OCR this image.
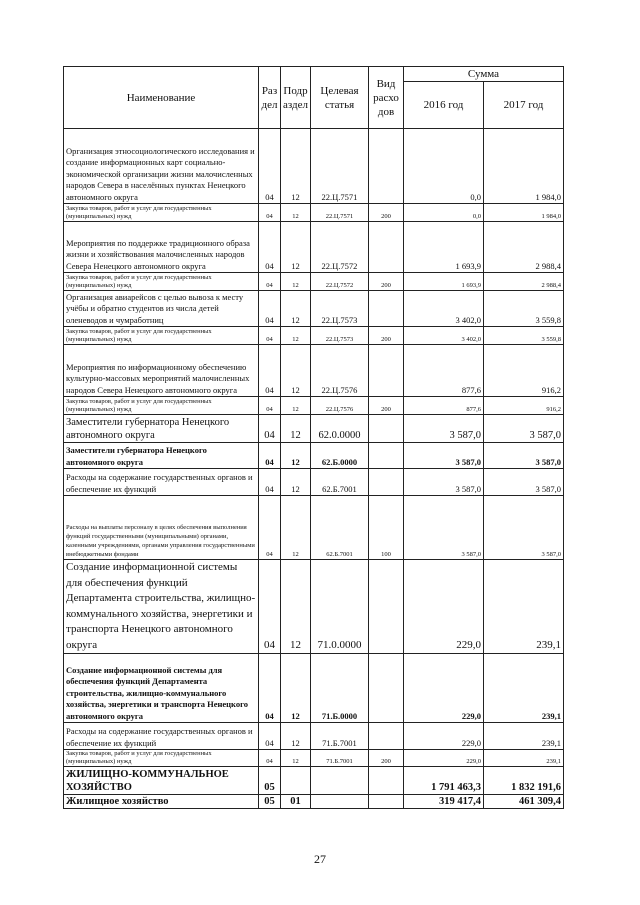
Наименование	Раз дел	Подр аздел	Целевая статья	Вид расхо дов	Сумма	
					2016 год	2017 год
Организация этносоциологического исследования и создание информационных карт социально-экономической организации жизни малочисленных народов Севера в населённых пунктах Ненецкого автономного округа	04	12	22.Ц.7571		0,0	1 984,0
Закупка товаров, работ и услуг для государственных (муниципальных) нужд	04	12	22.Ц.7571	200	0,0	1 984,0
Мероприятия по поддержке традиционного образа жизни и хозяйствования малочисленных народов Севера Ненецкого автономного округа	04	12	22.Ц.7572		1 693,9	2 988,4
Закупка товаров, работ и услуг для государственных (муниципальных) нужд	04	12	22.Ц.7572	200	1 693,9	2 988,4
Организация авиарейсов с целью вывоза к месту учёбы и обратно студентов из числа детей оленеводов и чумработниц	04	12	22.Ц.7573		3 402,0	3 559,8
Закупка товаров, работ и услуг для государственных (муниципальных) нужд	04	12	22.Ц.7573	200	3 402,0	3 559,8
Мероприятия по информационному обеспечению культурно-массовых мероприятий малочисленных народов Севера Ненецкого автономного округа	04	12	22.Ц.7576		877,6	916,2
Закупка товаров, работ и услуг для государственных (муниципальных) нужд	04	12	22.Ц.7576	200	877,6	916,2
Заместители губернатора Ненецкого автономного округа	04	12	62.0.0000		3 587,0	3 587,0
Заместители губернатора Ненецкого автономного округа	04	12	62.Б.0000		3 587,0	3 587,0
Расходы на содержание государственных органов и обеспечение их функций	04	12	62.Б.7001		3 587,0	3 587,0
Расходы на выплаты персоналу в целях обеспечения выполнения функций государственными (муниципальными) органами, казенными учреждениями, органами управления государственными внебюджетными фондами	04	12	62.Б.7001	100	3 587,0	3 587,0
Создание информационной системы для обеспечения функций Департамента строительства, жилищно-коммунального хозяйства, энергетики и транспорта Ненецкого автономного округа	04	12	71.0.0000		229,0	239,1
Создание информационной системы для обеспечения функций Департамента строительства, жилищно-коммунального хозяйства, энергетики и транспорта Ненецкого автономного округа	04	12	71.Б.0000		229,0	239,1
Расходы на содержание государственных органов и обеспечение их функций	04	12	71.Б.7001		229,0	239,1
Закупка товаров, работ и услуг для государственных (муниципальных) нужд	04	12	71.Б.7001	200	229,0	239,1
ЖИЛИЩНО-КОММУНАЛЬНОЕ ХОЗЯЙСТВО	05				1 791 463,3	1 832 191,6
Жилищное хозяйство	05	01			319 417,4	461 309,4
27
